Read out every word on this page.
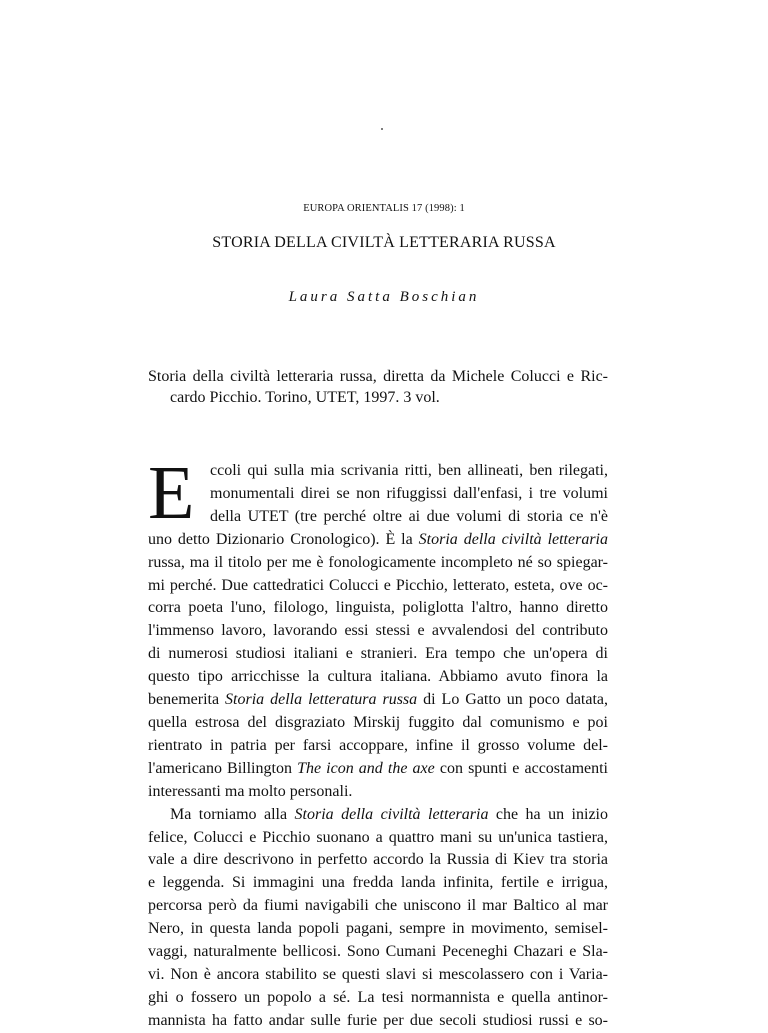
EUROPA ORIENTALIS 17 (1998): 1
STORIA DELLA CIVILTÀ LETTERARIA RUSSA
Laura Satta Boschian
Storia della civiltà letteraria russa, diretta da Michele Colucci e Ric-
cardo Picchio. Torino, UTET, 1997. 3 vol.
E ccoli qui sulla mia scrivania ritti, ben allineati, ben rilegati,
monumentali direi se non rifuggissi dall'enfasi, i tre volumi
della UTET (tre perché oltre ai due volumi di storia ce n'è
uno detto Dizionario Cronologico). È la Storia della civiltà letteraria
russa, ma il titolo per me è fonologicamente incompleto né so spiegar-
mi perché. Due cattedratici Colucci e Picchio, letterato, esteta, ove oc-
corra poeta l'uno, filologo, linguista, poliglotta l'altro, hanno diretto
l'immenso lavoro, lavorando essi stessi e avvalendosi del contributo
di numerosi studiosi italiani e stranieri. Era tempo che un'opera di
questo tipo arricchisse la cultura italiana. Abbiamo avuto finora la
benemerita Storia della letteratura russa di Lo Gatto un poco datata,
quella estrosa del disgraziato Mirskij fuggito dal comunismo e poi
rientrato in patria per farsi accoppare, infine il grosso volume del-
l'americano Billington The icon and the axe con spunti e accostamenti
interessanti ma molto personali.
Ma torniamo alla Storia della civiltà letteraria che ha un inizio
felice, Colucci e Picchio suonano a quattro mani su un'unica tastiera,
vale a dire descrivono in perfetto accordo la Russia di Kiev tra storia
e leggenda. Si immagini una fredda landa infinita, fertile e irrigua,
percorsa però da fiumi navigabili che uniscono il mar Baltico al mar
Nero, in questa landa popoli pagani, sempre in movimento, semisel-
vaggi, naturalmente bellicosi. Sono Cumani Peceneghi Chazari e Sla-
vi. Non è ancora stabilito se questi slavi si mescolassero con i Varia-
ghi o fossero un popolo a sé. La tesi normannista e quella antinor-
mannista ha fatto andar sulle furie per due secoli studiosi russi e so-
